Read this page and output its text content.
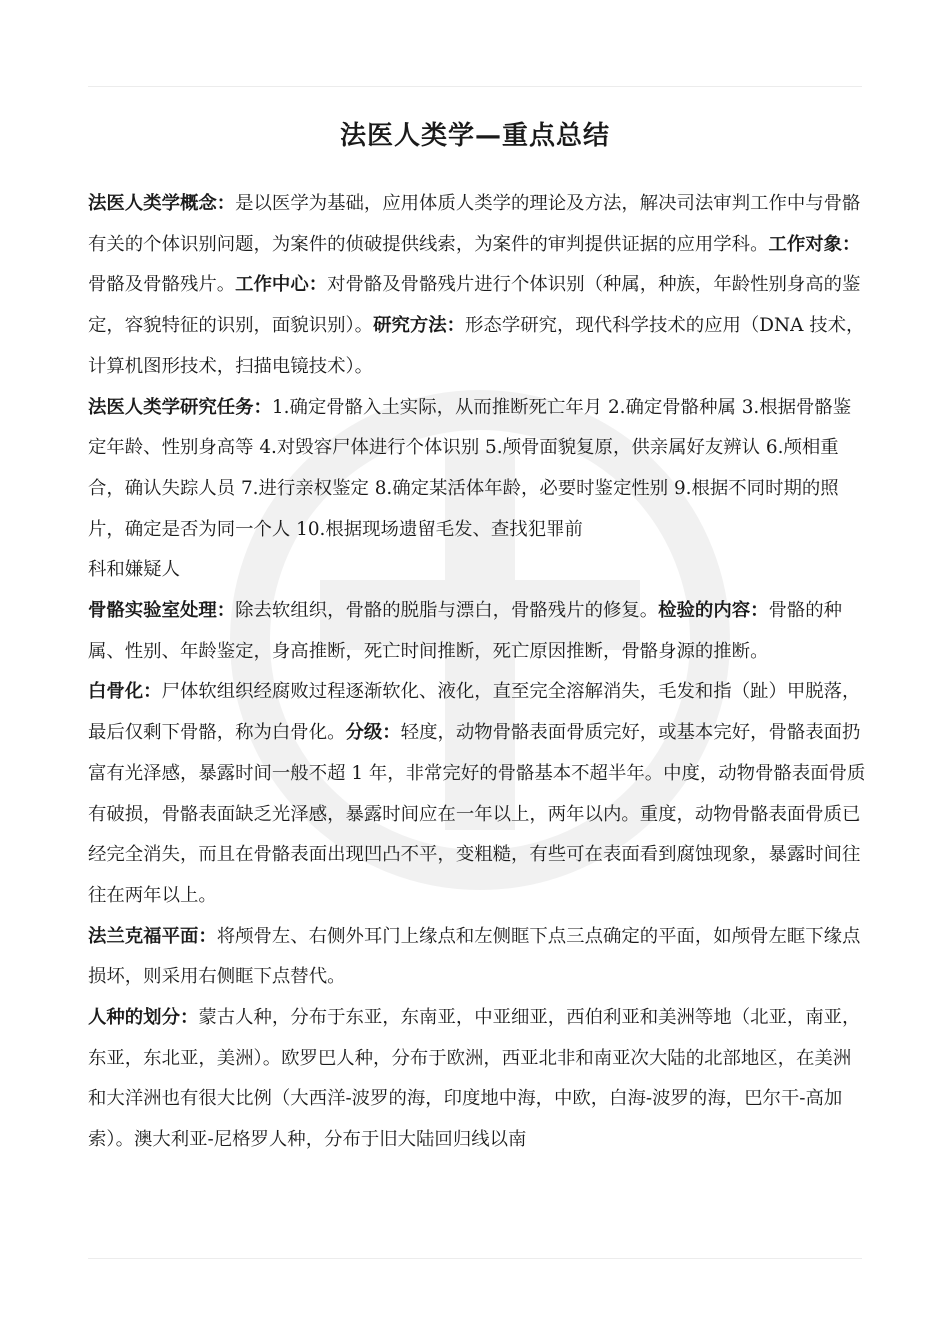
法医人类学—重点总结

法医人类学概念：是以医学为基础，应用体质人类学的理论及方法，解决司法审判工作中与骨骼有关的个体识别问题，为案件的侦破提供线索，为案件的审判提供证据的应用学科。工作对象：骨骼及骨骼残片。工作中心：对骨骼及骨骼残片进行个体识别（种属，种族，年龄性别身高的鉴定，容貌特征的识别，面貌识别）。研究方法：形态学研究，现代科学技术的应用（DNA 技术，计算机图形技术，扫描电镜技术）。

法医人类学研究任务：1.确定骨骼入土实际，从而推断死亡年月 2.确定骨骼种属 3.根据骨骼鉴定年龄、性别身高等 4.对毁容尸体进行个体识别 5.颅骨面貌复原，供亲属好友辨认 6.颅相重合，确认失踪人员 7.进行亲权鉴定 8.确定某活体年龄，必要时鉴定性别 9.根据不同时期的照片，确定是否为同一个人 10.根据现场遗留毛发、查找犯罪前

科和嫌疑人

骨骼实验室处理：除去软组织，骨骼的脱脂与漂白，骨骼残片的修复。检验的内容：骨骼的种属、性别、年龄鉴定，身高推断，死亡时间推断，死亡原因推断，骨骼身源的推断。

白骨化：尸体软组织经腐败过程逐渐软化、液化，直至完全溶解消失，毛发和指（趾）甲脱落，最后仅剩下骨骼，称为白骨化。分级：轻度，动物骨骼表面骨质完好，或基本完好，骨骼表面扔富有光泽感，暴露时间一般不超 1 年，非常完好的骨骼基本不超半年。中度，动物骨骼表面骨质有破损，骨骼表面缺乏光泽感，暴露时间应在一年以上，两年以内。重度，动物骨骼表面骨质已经完全消失，而且在骨骼表面出现凹凸不平，变粗糙，有些可在表面看到腐蚀现象，暴露时间往往在两年以上。

法兰克福平面：将颅骨左、右侧外耳门上缘点和左侧眶下点三点确定的平面，如颅骨左眶下缘点损坏，则采用右侧眶下点替代。

人种的划分：蒙古人种，分布于东亚，东南亚，中亚细亚，西伯利亚和美洲等地（北亚，南亚，东亚，东北亚，美洲）。欧罗巴人种，分布于欧洲，西亚北非和南亚次大陆的北部地区，在美洲和大洋洲也有很大比例（大西洋-波罗的海，印度地中海，中欧，白海-波罗的海，巴尔干-高加索）。澳大利亚-尼格罗人种，分布于旧大陆回归线以南
